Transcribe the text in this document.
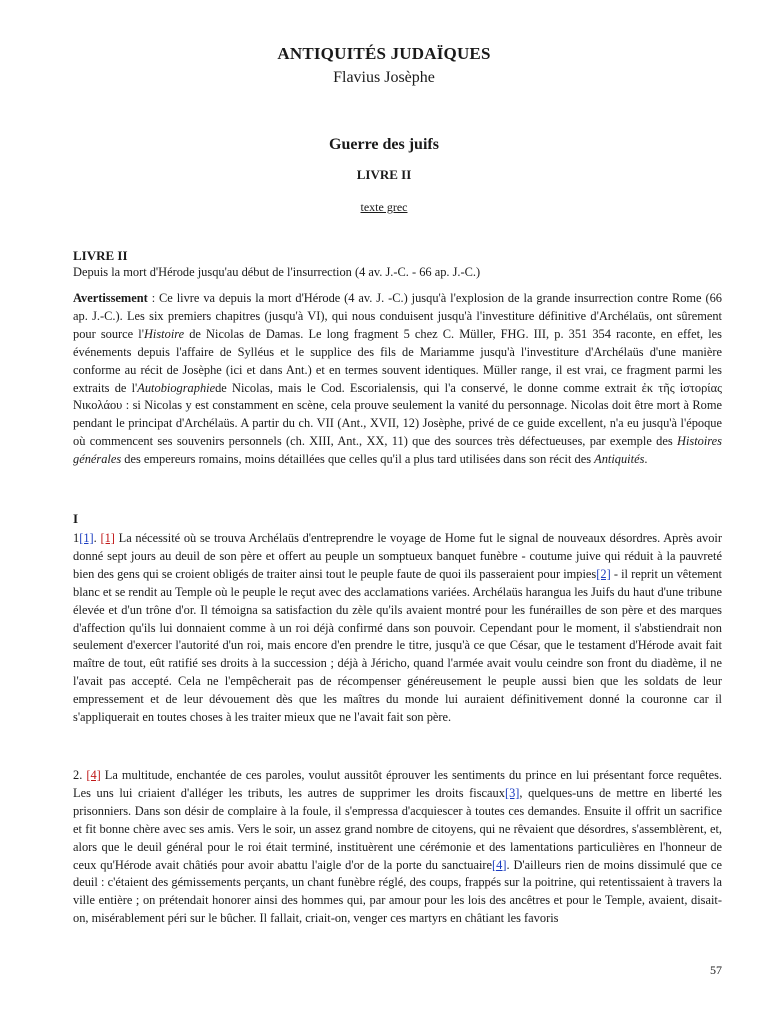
ANTIQUITÉS JUDAÏQUES
Flavius Josèphe
Guerre des juifs
LIVRE II
texte grec
LIVRE II
Depuis la mort d'Hérode jusqu'au début de l'insurrection (4 av. J.-C. - 66 ap. J.-C.)

Avertissement : Ce livre va depuis la mort d'Hérode (4 av. J. -C.) jusqu'à l'explosion de la grande insurrection contre Rome (66 ap. J.-C.). Les six premiers chapitres (jusqu'à VI), qui nous conduisent jusqu'à l'investiture définitive d'Archélaüs, ont sûrement pour source l'Histoire de Nicolas de Damas. Le long fragment 5 chez C. Müller, FHG. III, p. 351 354 raconte, en effet, les événements depuis l'affaire de Sylléus et le supplice des fils de Mariamme jusqu'à l'investiture d'Archélaüs d'une manière conforme au récit de Josèphe (ici et dans Ant.) et en termes souvent identiques. Müller range, il est vrai, ce fragment parmi les extraits de l'Autobiographiede Nicolas, mais le Cod. Escorialensis, qui l'a conservé, le donne comme extrait ἐκ τῆς ἱστορίας Νικολάου : si Nicolas y est constamment en scène, cela prouve seulement la vanité du personnage. Nicolas doit être mort à Rome pendant le principat d'Archélaüs. A partir du ch. VII (Ant., XVII, 12) Josèphe, privé de ce guide excellent, n'a eu jusqu'à l'époque où commencent ses souvenirs personnels (ch. XIII, Ant., XX, 11) que des sources très défectueuses, par exemple des Histoires générales des empereurs romains, moins détaillées que celles qu'il a plus tard utilisées dans son récit des Antiquités.

I

1[1]. [1] La nécessité où se trouva Archélaüs d'entreprendre le voyage de Home fut le signal de nouveaux désordres. Après avoir donné sept jours au deuil de son père et offert au peuple un somptueux banquet funèbre - coutume juive qui réduit à la pauvreté bien des gens qui se croient obligés de traiter ainsi tout le peuple faute de quoi ils passeraient pour impies[2] - il reprit un vêtement blanc et se rendit au Temple où le peuple le reçut avec des acclamations variées. Archélaüs harangua les Juifs du haut d'une tribune élevée et d'un trône d'or. Il témoigna sa satisfaction du zèle qu'ils avaient montré pour les funérailles de son père et des marques d'affection qu'ils lui donnaient comme à un roi déjà confirmé dans son pouvoir. Cependant pour le moment, il s'abstiendrait non seulement d'exercer l'autorité d'un roi, mais encore d'en prendre le titre, jusqu'à ce que César, que le testament d'Hérode avait fait maître de tout, eût ratifié ses droits à la succession ; déjà à Jéricho, quand l'armée avait voulu ceindre son front du diadème, il ne l'avait pas accepté. Cela ne l'empêcherait pas de récompenser généreusement le peuple aussi bien que les soldats de leur empressement et de leur dévouement dès que les maîtres du monde lui auraient définitivement donné la couronne car il s'appliquerait en toutes choses à les traiter mieux que ne l'avait fait son père.

2. [4] La multitude, enchantée de ces paroles, voulut aussitôt éprouver les sentiments du prince en lui présentant force requêtes. Les uns lui criaient d'alléger les tributs, les autres de supprimer les droits fiscaux[3], quelques-uns de mettre en liberté les prisonniers. Dans son désir de complaire à la foule, il s'empressa d'acquiescer à toutes ces demandes. Ensuite il offrit un sacrifice et fit bonne chère avec ses amis. Vers le soir, un assez grand nombre de citoyens, qui ne rêvaient que désordres, s'assemblèrent, et, alors que le deuil général pour le roi était terminé, instituèrent une cérémonie et des lamentations particulières en l'honneur de ceux qu'Hérode avait châtiés pour avoir abattu l'aigle d'or de la porte du sanctuaire[4]. D'ailleurs rien de moins dissimulé que ce deuil : c'étaient des gémissements perçants, un chant funèbre réglé, des coups, frappés sur la poitrine, qui retentissaient à travers la ville entière ; on prétendait honorer ainsi des hommes qui, par amour pour les lois des ancêtres et pour le Temple, avaient, disait-on, misérablement péri sur le bûcher. Il fallait, criait-on, venger ces martyrs en châtiant les favoris

57
